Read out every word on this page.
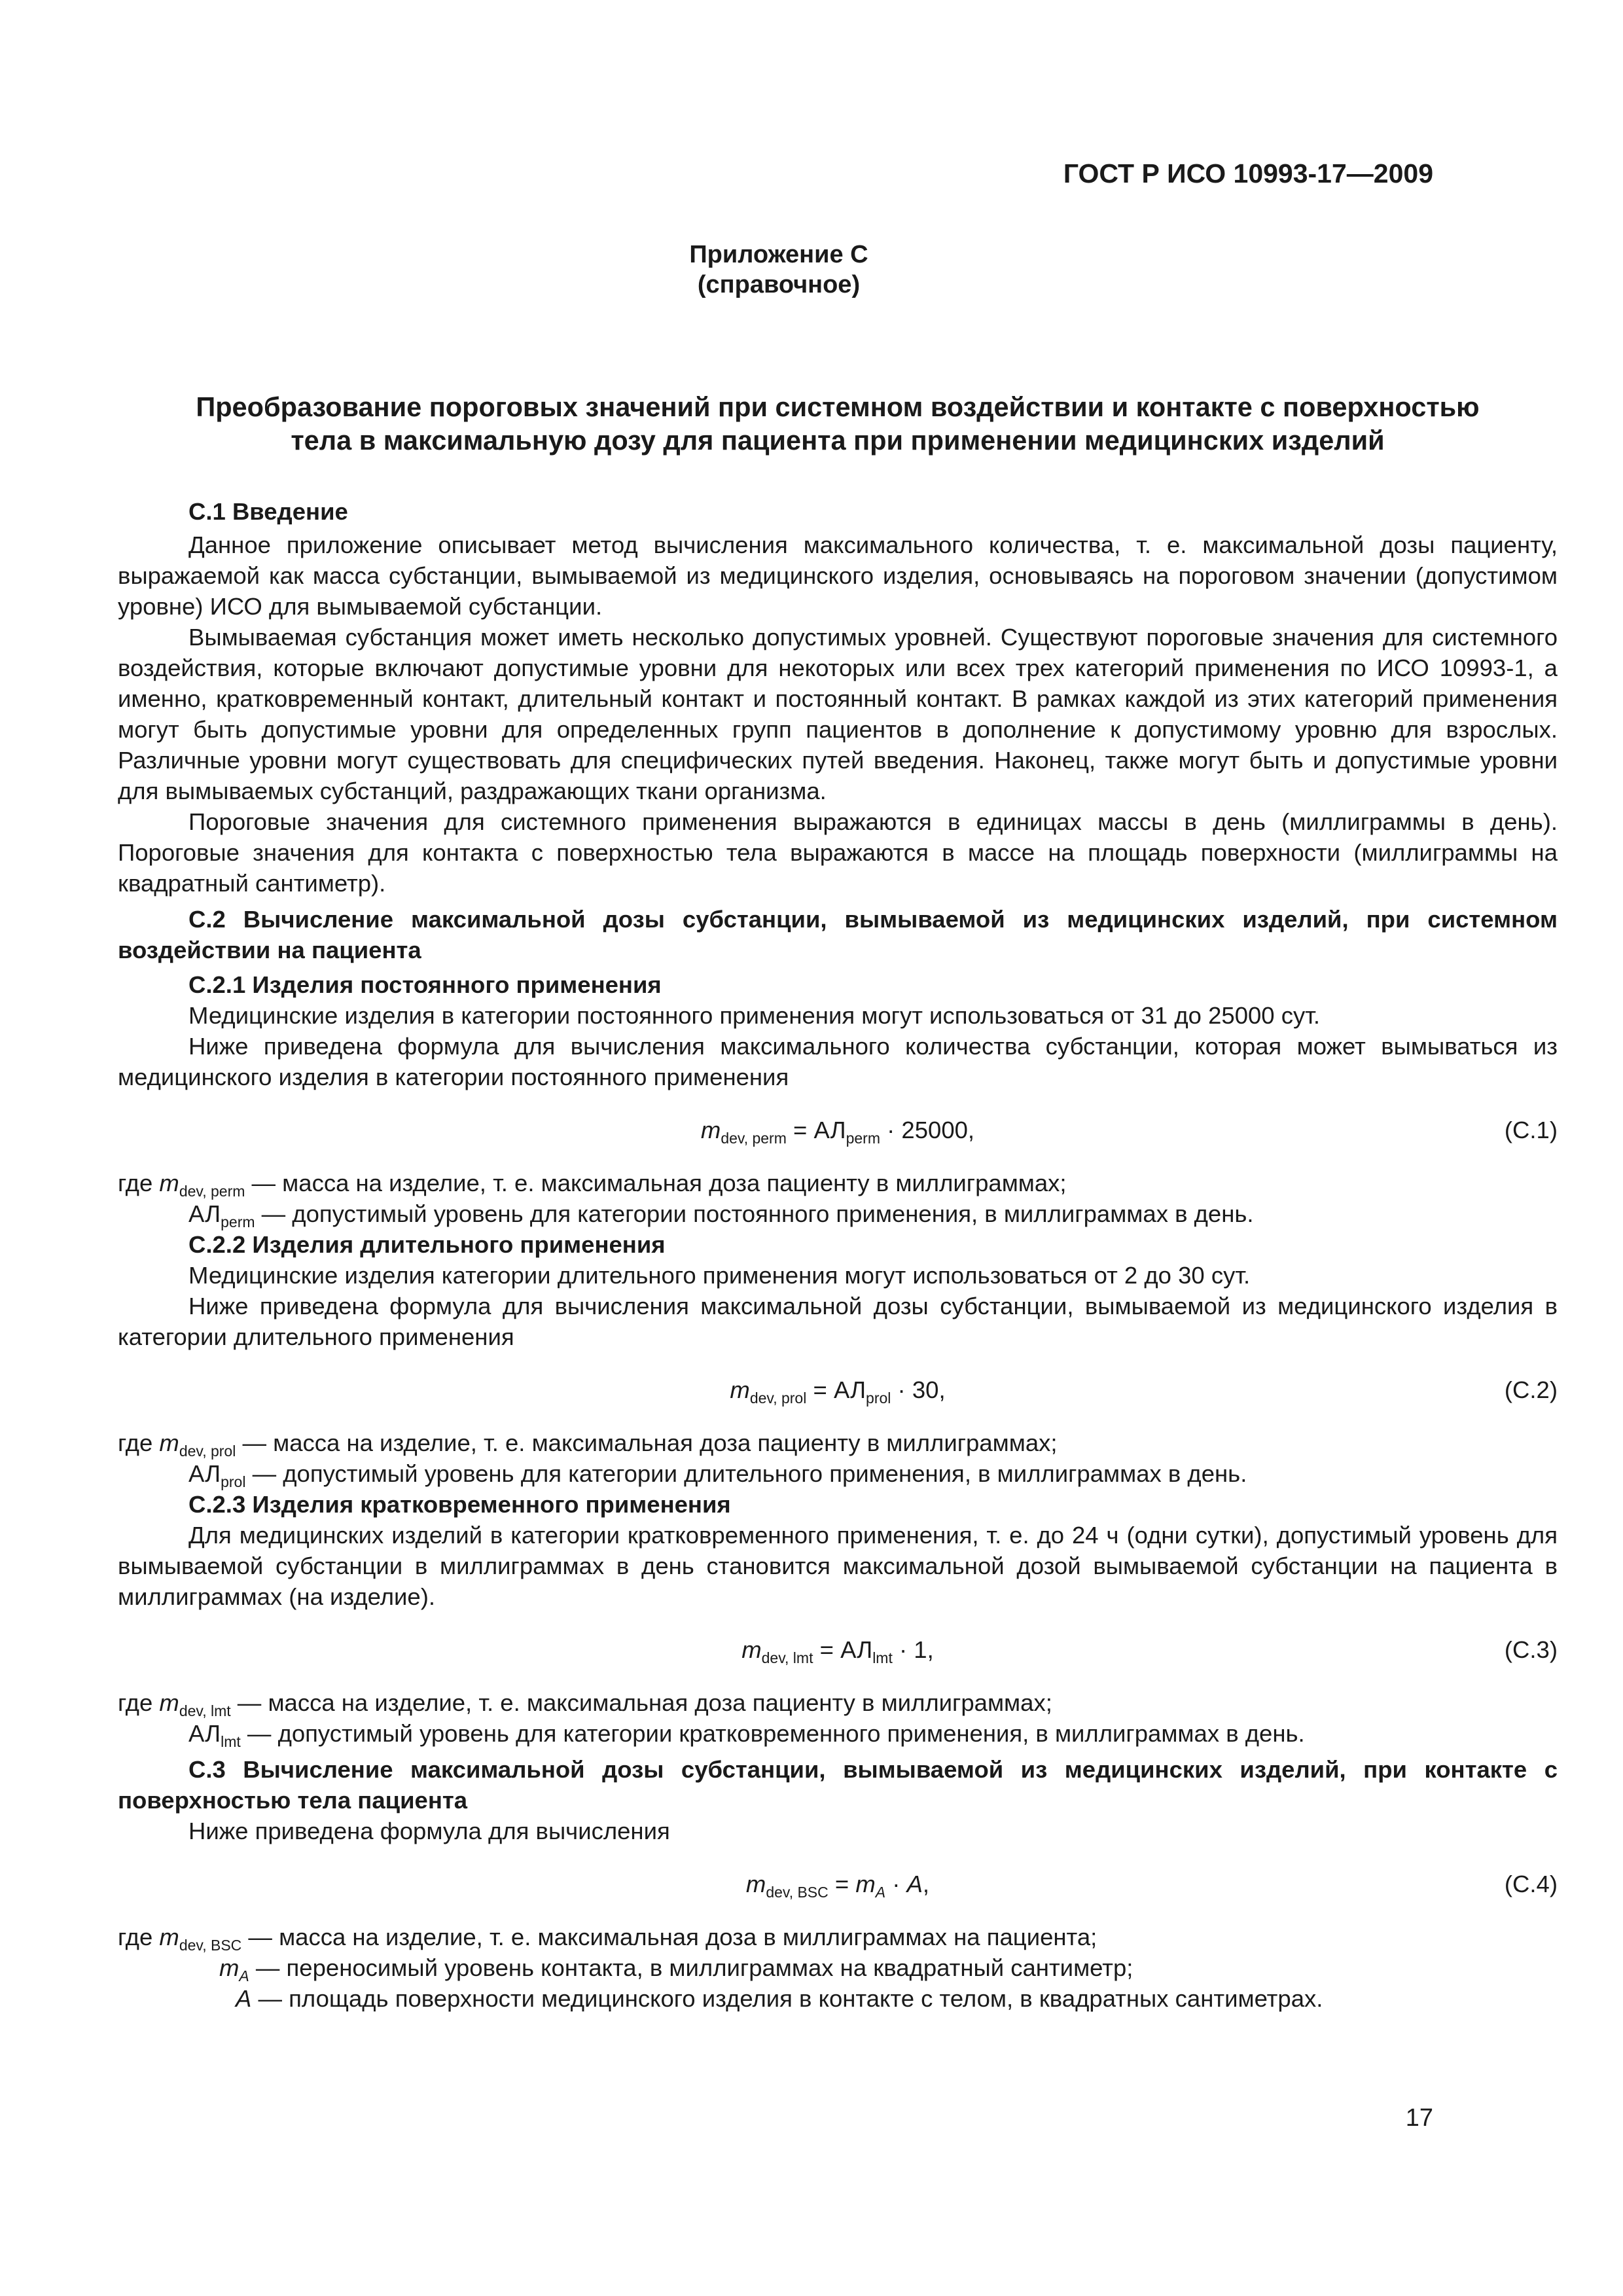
ГОСТ Р ИСО 10993-17—2009
Приложение С
(справочное)
Преобразование пороговых значений при системном воздействии и контакте с поверхностью
тела в максимальную дозу для пациента при применении медицинских изделий

С.1 Введение

Данное приложение описывает метод вычисления максимального количества, т. е. максимальной дозы пациенту, выражаемой как масса субстанции, вымываемой из медицинского изделия, основываясь на пороговом значении (допустимом уровне) ИСО для вымываемой субстанции.

Вымываемая субстанция может иметь несколько допустимых уровней. Существуют пороговые значения для системного воздействия, которые включают допустимые уровни для некоторых или всех трех категорий применения по ИСО 10993-1, а именно, кратковременный контакт, длительный контакт и постоянный контакт. В рамках каждой из этих категорий применения могут быть допустимые уровни для определенных групп пациентов в дополнение к допустимому уровню для взрослых. Различные уровни могут существовать для специфических путей введения. Наконец, также могут быть и допустимые уровни для вымываемых субстанций, раздражающих ткани организма.

Пороговые значения для системного применения выражаются в единицах массы в день (миллиграммы в день). Пороговые значения для контакта с поверхностью тела выражаются в массе на площадь поверхности (миллиграммы на квадратный сантиметр).

С.2 Вычисление максимальной дозы субстанции, вымываемой из медицинских изделий, при системном воздействии на пациента

С.2.1 Изделия постоянного применения

Медицинские изделия в категории постоянного применения могут использоваться от 31 до 25000 сут.

Ниже приведена формула для вычисления максимального количества субстанции, которая может вымываться из медицинского изделия в категории постоянного применения

$m_{dev, perm} = АЛ_{perm} \cdot 25000$,	(С.1)

где $m_{dev, perm}$ — масса на изделие, т. е. максимальная доза пациенту в миллиграммах;

$АЛ_{perm}$ — допустимый уровень для категории постоянного применения, в миллиграммах в день.

С.2.2 Изделия длительного применения

Медицинские изделия категории длительного применения могут использоваться от 2 до 30 сут.

Ниже приведена формула для вычисления максимальной дозы субстанции, вымываемой из медицинского изделия в категории длительного применения

$m_{dev, prol} = АЛ_{prol} \cdot 30$,	(С.2)

где $m_{dev, prol}$ — масса на изделие, т. е. максимальная доза пациенту в миллиграммах;

$АЛ_{prol}$ — допустимый уровень для категории длительного применения, в миллиграммах в день.

С.2.3 Изделия кратковременного применения

Для медицинских изделий в категории кратковременного применения, т. е. до 24 ч (одни сутки), допустимый уровень для вымываемой субстанции в миллиграммах в день становится максимальной дозой вымываемой субстанции на пациента в миллиграммах (на изделие).

$m_{dev, lmt} = АЛ_{lmt} \cdot 1$,	(С.3)

где $m_{dev, lmt}$ — масса на изделие, т. е. максимальная доза пациенту в миллиграммах;

$АЛ_{lmt}$ — допустимый уровень для категории кратковременного применения, в миллиграммах в день.

С.3 Вычисление максимальной дозы субстанции, вымываемой из медицинских изделий, при контакте с поверхностью тела пациента

Ниже приведена формула для вычисления

$m_{dev, BSC} = m_A \cdot A$,	(С.4)

где $m_{dev, BSC}$ — масса на изделие, т. е. максимальная доза в миллиграммах на пациента;

$m_A$ — переносимый уровень контакта, в миллиграммах на квадратный сантиметр;

A — площадь поверхности медицинского изделия в контакте с телом, в квадратных сантиметрах.

17
